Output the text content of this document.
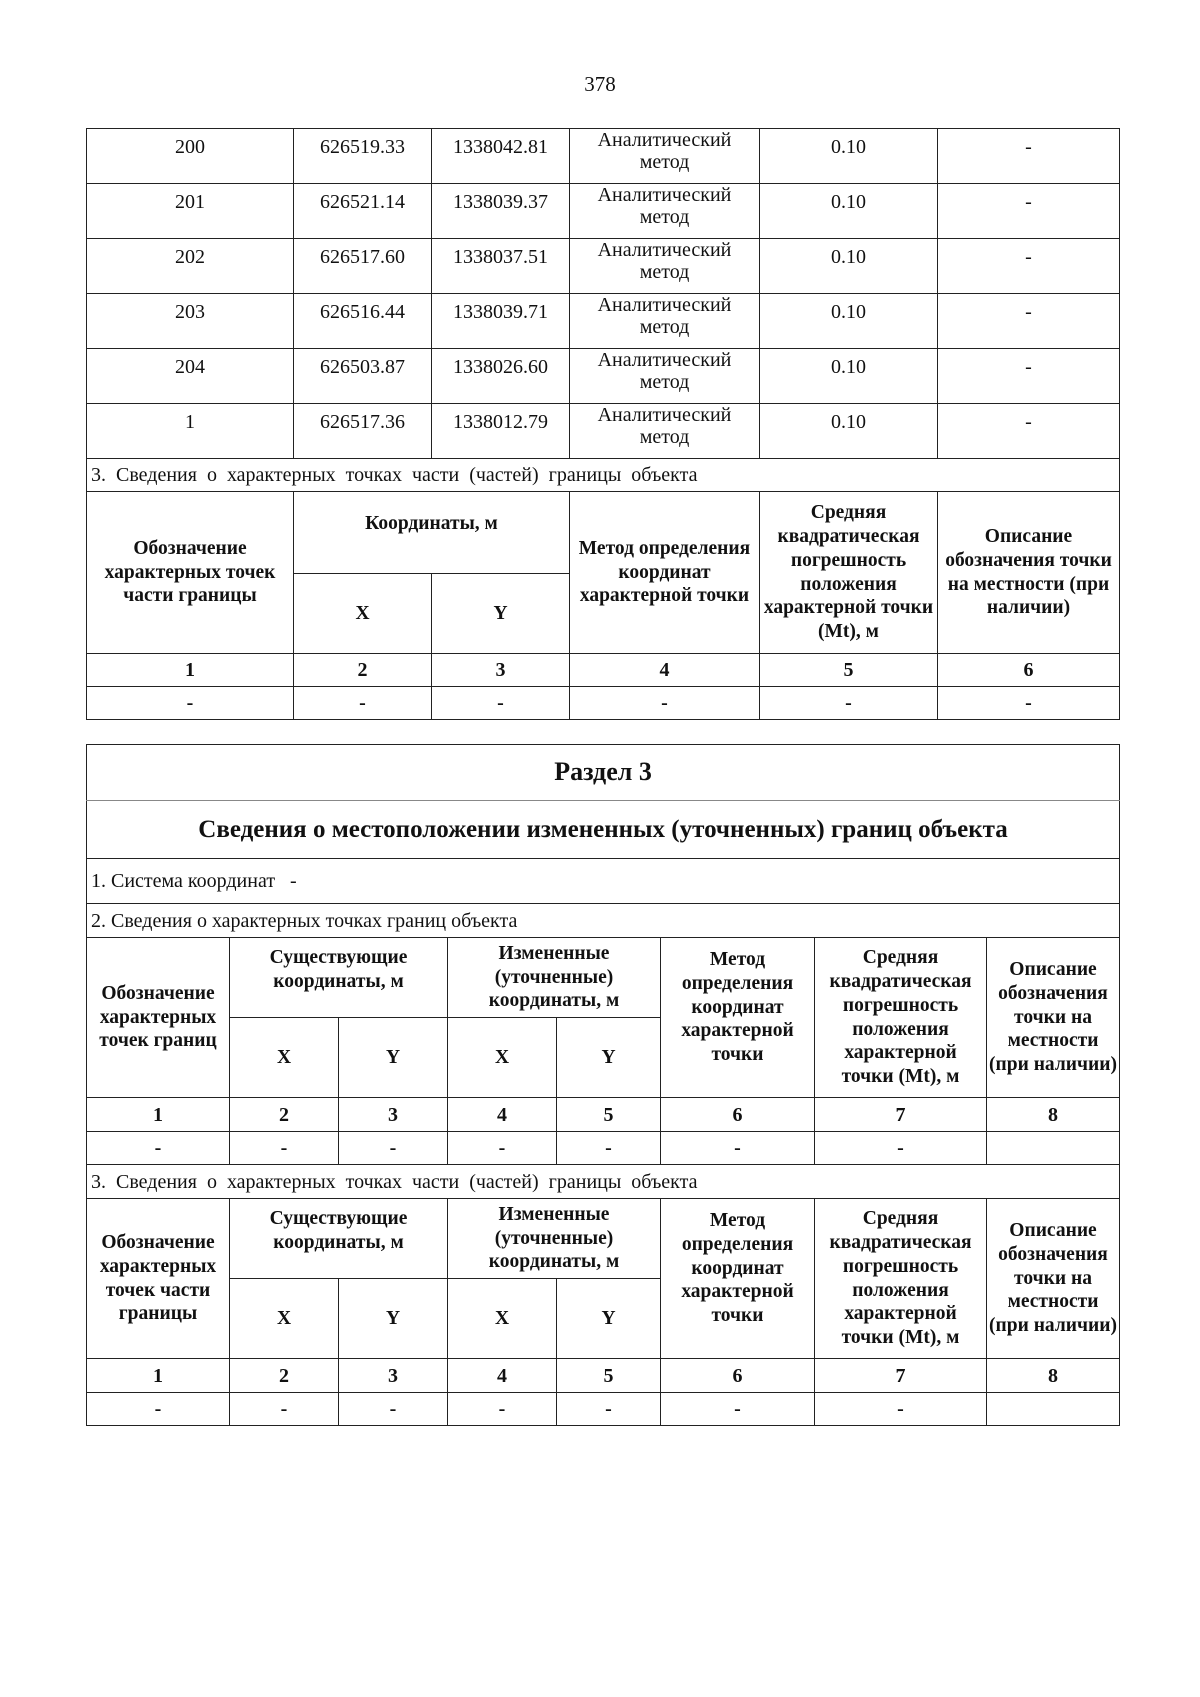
378
200	626519.33	1338042.81	Аналитический метод	0.10	-
201	626521.14	1338039.37	Аналитический метод	0.10	-
202	626517.60	1338037.51	Аналитический метод	0.10	-
203	626516.44	1338039.71	Аналитический метод	0.10	-
204	626503.87	1338026.60	Аналитический метод	0.10	-
1	626517.36	1338012.79	Аналитический метод	0.10	-
3. Сведения о характерных точках части (частей) границы объекта					
Обозначение характерных точек части границы	Координаты, м		Метод определения координат характерной точки	Средняя квадратическая погрешность положения характерной точки (Mt), м	Описание обозначения точки на местности (при наличии)
	X	Y			
1	2	3	4	5	6
-	-	-	-	-	-
Раздел 3							
Сведения о местоположении измененных (уточненных) границ объекта							
1. Система координат   -							
2. Сведения о характерных точках границ объекта							
Обозначение характерных точек границ	Существующие координаты, м		Измененные (уточненные) координаты, м		Метод определения координат характерной точки	Средняя квадратическая погрешность положения характерной точки (Mt), м	Описание обозначения точки на местности (при наличии)
	X	Y	X	Y			
1	2	3	4	5	6	7	8
-	-	-	-	-	-	-	
3. Сведения о характерных точках части (частей) границы объекта							
Обозначение характерных точек части границы	Существующие координаты, м		Измененные (уточненные) координаты, м		Метод определения координат характерной точки	Средняя квадратическая погрешность положения характерной точки (Mt), м	Описание обозначения точки на местности (при наличии)
	X	Y	X	Y			
1	2	3	4	5	6	7	8
-	-	-	-	-	-	-	
